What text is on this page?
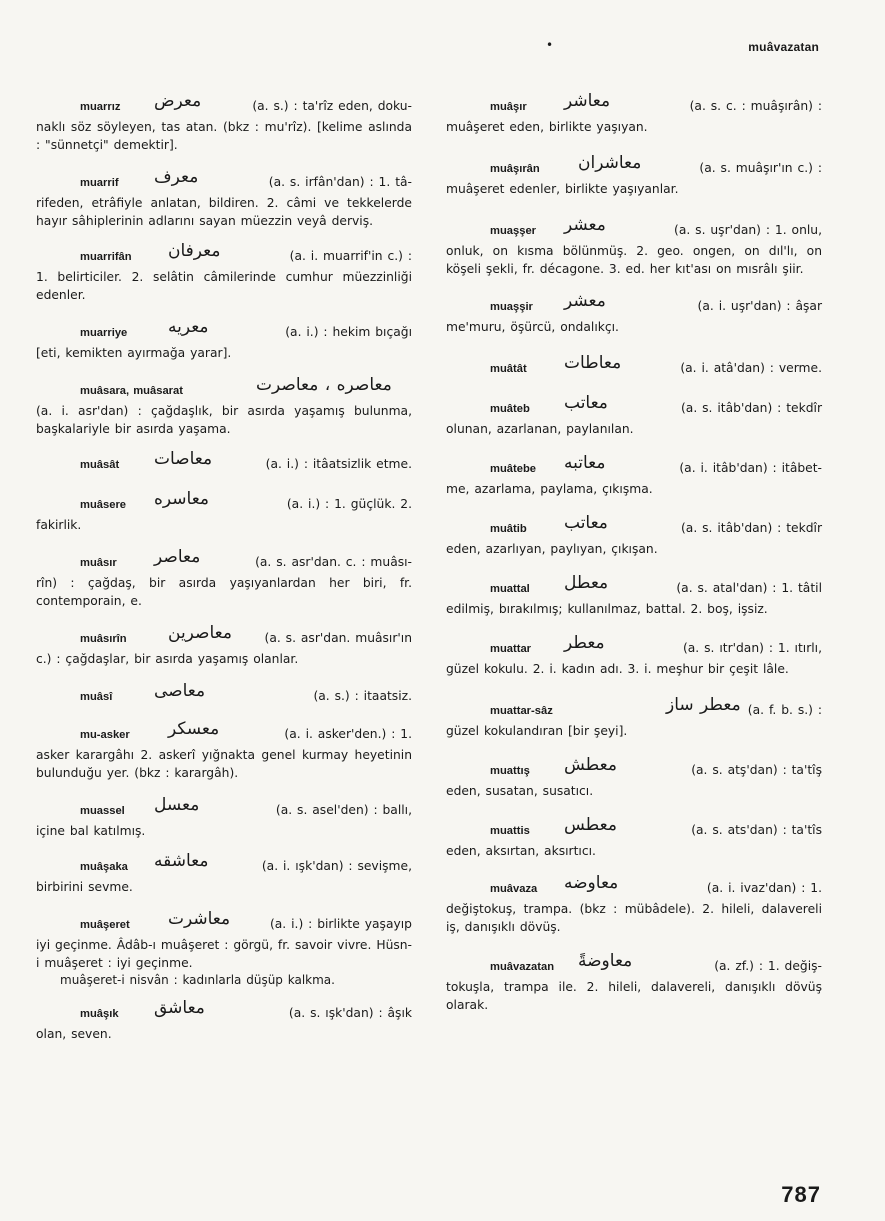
•	muâvazatan
muarrız معرض	(a. s.) : ta'rîz eden, doku-
naklı söz söyleyen, tas atan. (bkz : mu'rîz). [kelime aslında : "sünnetçi" demektir].
muarrif معرف	(a. s. irfân'dan) : 1. tâ-
rifeden, etrâfiyle anlatan, bildiren. 2. câmi ve tekkelerde hayır sâhiplerinin adlarını sayan müezzin veyâ derviş.
muarrifân معرفان	(a. i. muarrif'in c.) :
1. belirticiler. 2. selâtin câmilerinde cumhur müezzinliği edenler.
muarriye معريه	(a. i.) : hekim bıçağı
[eti, kemikten ayırmağa yarar].
muâsara, muâsarat	معاصره ، معاصرت
(a. i. asr'dan) : çağdaşlık, bir asırda yaşamış bulunma, başkalariyle bir asırda yaşama.
muâsât معاصات	(a. i.) : itâatsizlik etme.
muâsere معاسره	(a. i.) : 1. güçlük. 2.
fakirlik.
muâsır معاصر	(a. s. asr'dan. c. : muâsı-
rîn) : çağdaş, bir asırda yaşıyanlardan her biri, fr. contemporain, e.
muâsırîn معاصرين	(a. s. asr'dan. muâsır'ın
c.) : çağdaşlar, bir asırda yaşamış olanlar.
muâsî معاصى	(a. s.) : itaatsiz.
mu-asker معسكر	(a. i. asker'den.) : 1.
asker karargâhı 2. askerî yığnakta genel kurmay heyetinin bulunduğu yer. (bkz : karargâh).
muassel معسل	(a. s. asel'den) : ballı,
içine bal katılmış.
muâşaka معاشقه	(a. i. ışk'dan) : sevişme,
birbirini sevme.
muâşeret معاشرت	(a. i.) : birlikte yaşayıp
iyi geçinme. Âdâb-ı muâşeret : görgü, fr. savoir vivre. Hüsn-i muâşeret : iyi geçinme.
muâşeret-i nisvân : kadınlarla düşüp kalkma.
muâşık معاشق	(a. s. ışk'dan) : âşık
olan, seven.
muâşır معاشر	(a. s. c. : muâşırân) :
muâşeret eden, birlikte yaşıyan.
muâşırân معاشران	(a. s. muâşır'ın c.) :
muâşeret edenler, birlikte yaşıyanlar.
muaşşer معشر	(a. s. uşr'dan) : 1. onlu,
onluk, on kısma bölünmüş. 2. geo. ongen, on dıl'lı, on köşeli şekli, fr. décagone. 3. ed. her kıt'ası on mısrâlı şiir.
muaşşir معشر	(a. i. uşr'dan) : âşar
me'muru, öşürcü, ondalıkçı.
muâtât معاطات	(a. i. atâ'dan) : verme.
muâteb معاتب	(a. s. itâb'dan) : tekdîr
olunan, azarlanan, paylanılan.
muâtebe معاتبه	(a. i. itâb'dan) : itâbet-
me, azarlama, paylama, çıkışma.
muâtib معاتب	(a. s. itâb'dan) : tekdîr
eden, azarlıyan, paylıyan, çıkışan.
muattal معطل	(a. s. atal'dan) : 1. tâtil
edilmiş, bırakılmış; kullanılmaz, battal. 2. boş, işsiz.
muattar معطر	(a. s. ıtr'dan) : 1. ıtırlı,
güzel kokulu. 2. i. kadın adı. 3. i. meşhur bir çeşit lâle.
muattar-sâz	معطر ساز (a. f. b. s.) :
güzel kokulandıran [bir şeyi].
muattış معطش	(a. s. atş'dan) : ta'tîş
eden, susatan, susatıcı.
muattis معطس	(a. s. ats'dan) : ta'tîs
eden, aksırtan, aksırtıcı.
muâvaza معاوضه	(a. i. ivaz'dan) : 1.
değiştokuş, trampa. (bkz : mübâdele). 2. hileli, dalavereli iş, danışıklı dövüş.
muâvazatan معاوضةً	(a. zf.) : 1. değiş-
tokuşla, trampa ile. 2. hileli, dalavereli, danışıklı dövüş olarak.
787
